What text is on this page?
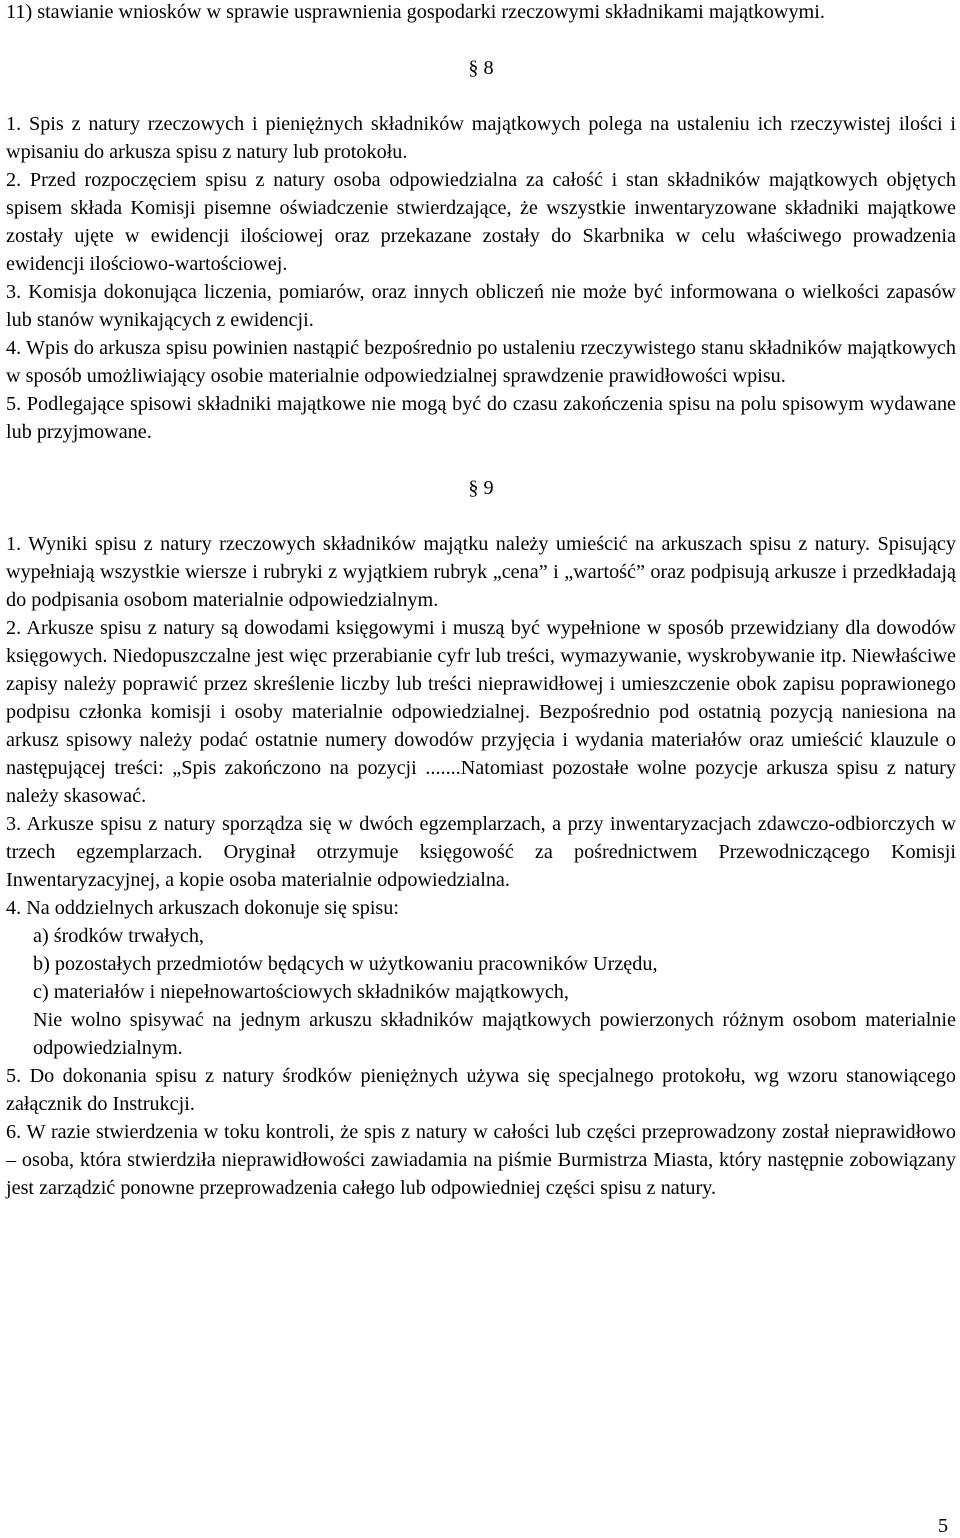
11) stawianie wniosków w sprawie usprawnienia gospodarki rzeczowymi składnikami majątkowymi.

§ 8

1. Spis z natury rzeczowych i pieniężnych składników majątkowych polega na ustaleniu ich rzeczywistej ilości i wpisaniu do arkusza spisu z natury lub protokołu.

2. Przed rozpoczęciem spisu z natury osoba odpowiedzialna za całość i stan składników majątkowych objętych spisem składa Komisji pisemne oświadczenie stwierdzające, że wszystkie inwentaryzowane składniki majątkowe zostały ujęte w ewidencji ilościowej oraz przekazane zostały do Skarbnika w celu właściwego prowadzenia ewidencji ilościowo-wartościowej.

3. Komisja dokonująca liczenia, pomiarów, oraz innych obliczeń nie może być informowana o wielkości zapasów lub stanów wynikających z ewidencji.

4. Wpis do arkusza spisu powinien nastąpić bezpośrednio po ustaleniu rzeczywistego stanu składników majątkowych w sposób umożliwiający osobie materialnie odpowiedzialnej sprawdzenie prawidłowości wpisu.

5. Podlegające spisowi składniki majątkowe nie mogą być do czasu zakończenia spisu na polu spisowym wydawane lub przyjmowane.

§ 9

1. Wyniki spisu z natury rzeczowych składników majątku należy umieścić na arkuszach spisu z natury. Spisujący wypełniają wszystkie wiersze i rubryki z wyjątkiem rubryk „cena” i „wartość” oraz podpisują arkusze i przedkładają do podpisania osobom materialnie odpowiedzialnym.

2. Arkusze spisu z natury są dowodami księgowymi i muszą być wypełnione w sposób przewidziany dla dowodów księgowych. Niedopuszczalne jest więc przerabianie cyfr lub treści, wymazywanie, wyskrobywanie itp. Niewłaściwe zapisy należy poprawić przez skreślenie liczby lub treści nieprawidłowej i umieszczenie obok zapisu poprawionego podpisu członka komisji i osoby materialnie odpowiedzialnej. Bezpośrednio pod ostatnią pozycją naniesiona na arkusz spisowy należy podać ostatnie numery dowodów przyjęcia i wydania materiałów oraz umieścić klauzule o następującej treści: „Spis zakończono na pozycji .......Natomiast pozostałe wolne pozycje arkusza spisu z natury należy skasować.

3. Arkusze spisu z natury sporządza się w dwóch egzemplarzach, a przy inwentaryzacjach zdawczo-odbiorczych w trzech egzemplarzach. Oryginał otrzymuje księgowość za pośrednictwem Przewodniczącego Komisji Inwentaryzacyjnej, a kopie osoba materialnie odpowiedzialna.

4. Na oddzielnych arkuszach dokonuje się spisu:

a) środków trwałych,
b) pozostałych przedmiotów będących w użytkowaniu pracowników Urzędu,
c) materiałów i niepełnowartościowych składników majątkowych,

Nie wolno spisywać na jednym arkuszu składników majątkowych powierzonych różnym osobom materialnie odpowiedzialnym.

5. Do dokonania spisu z natury środków pieniężnych używa się specjalnego protokołu, wg wzoru stanowiącego załącznik do Instrukcji.

6. W razie stwierdzenia w toku kontroli, że spis z natury w całości lub części przeprowadzony został nieprawidłowo – osoba, która stwierdziła nieprawidłowości zawiadamia na piśmie Burmistrza Miasta, który następnie zobowiązany jest zarządzić ponowne przeprowadzenia całego lub odpowiedniej części spisu z natury.

5
